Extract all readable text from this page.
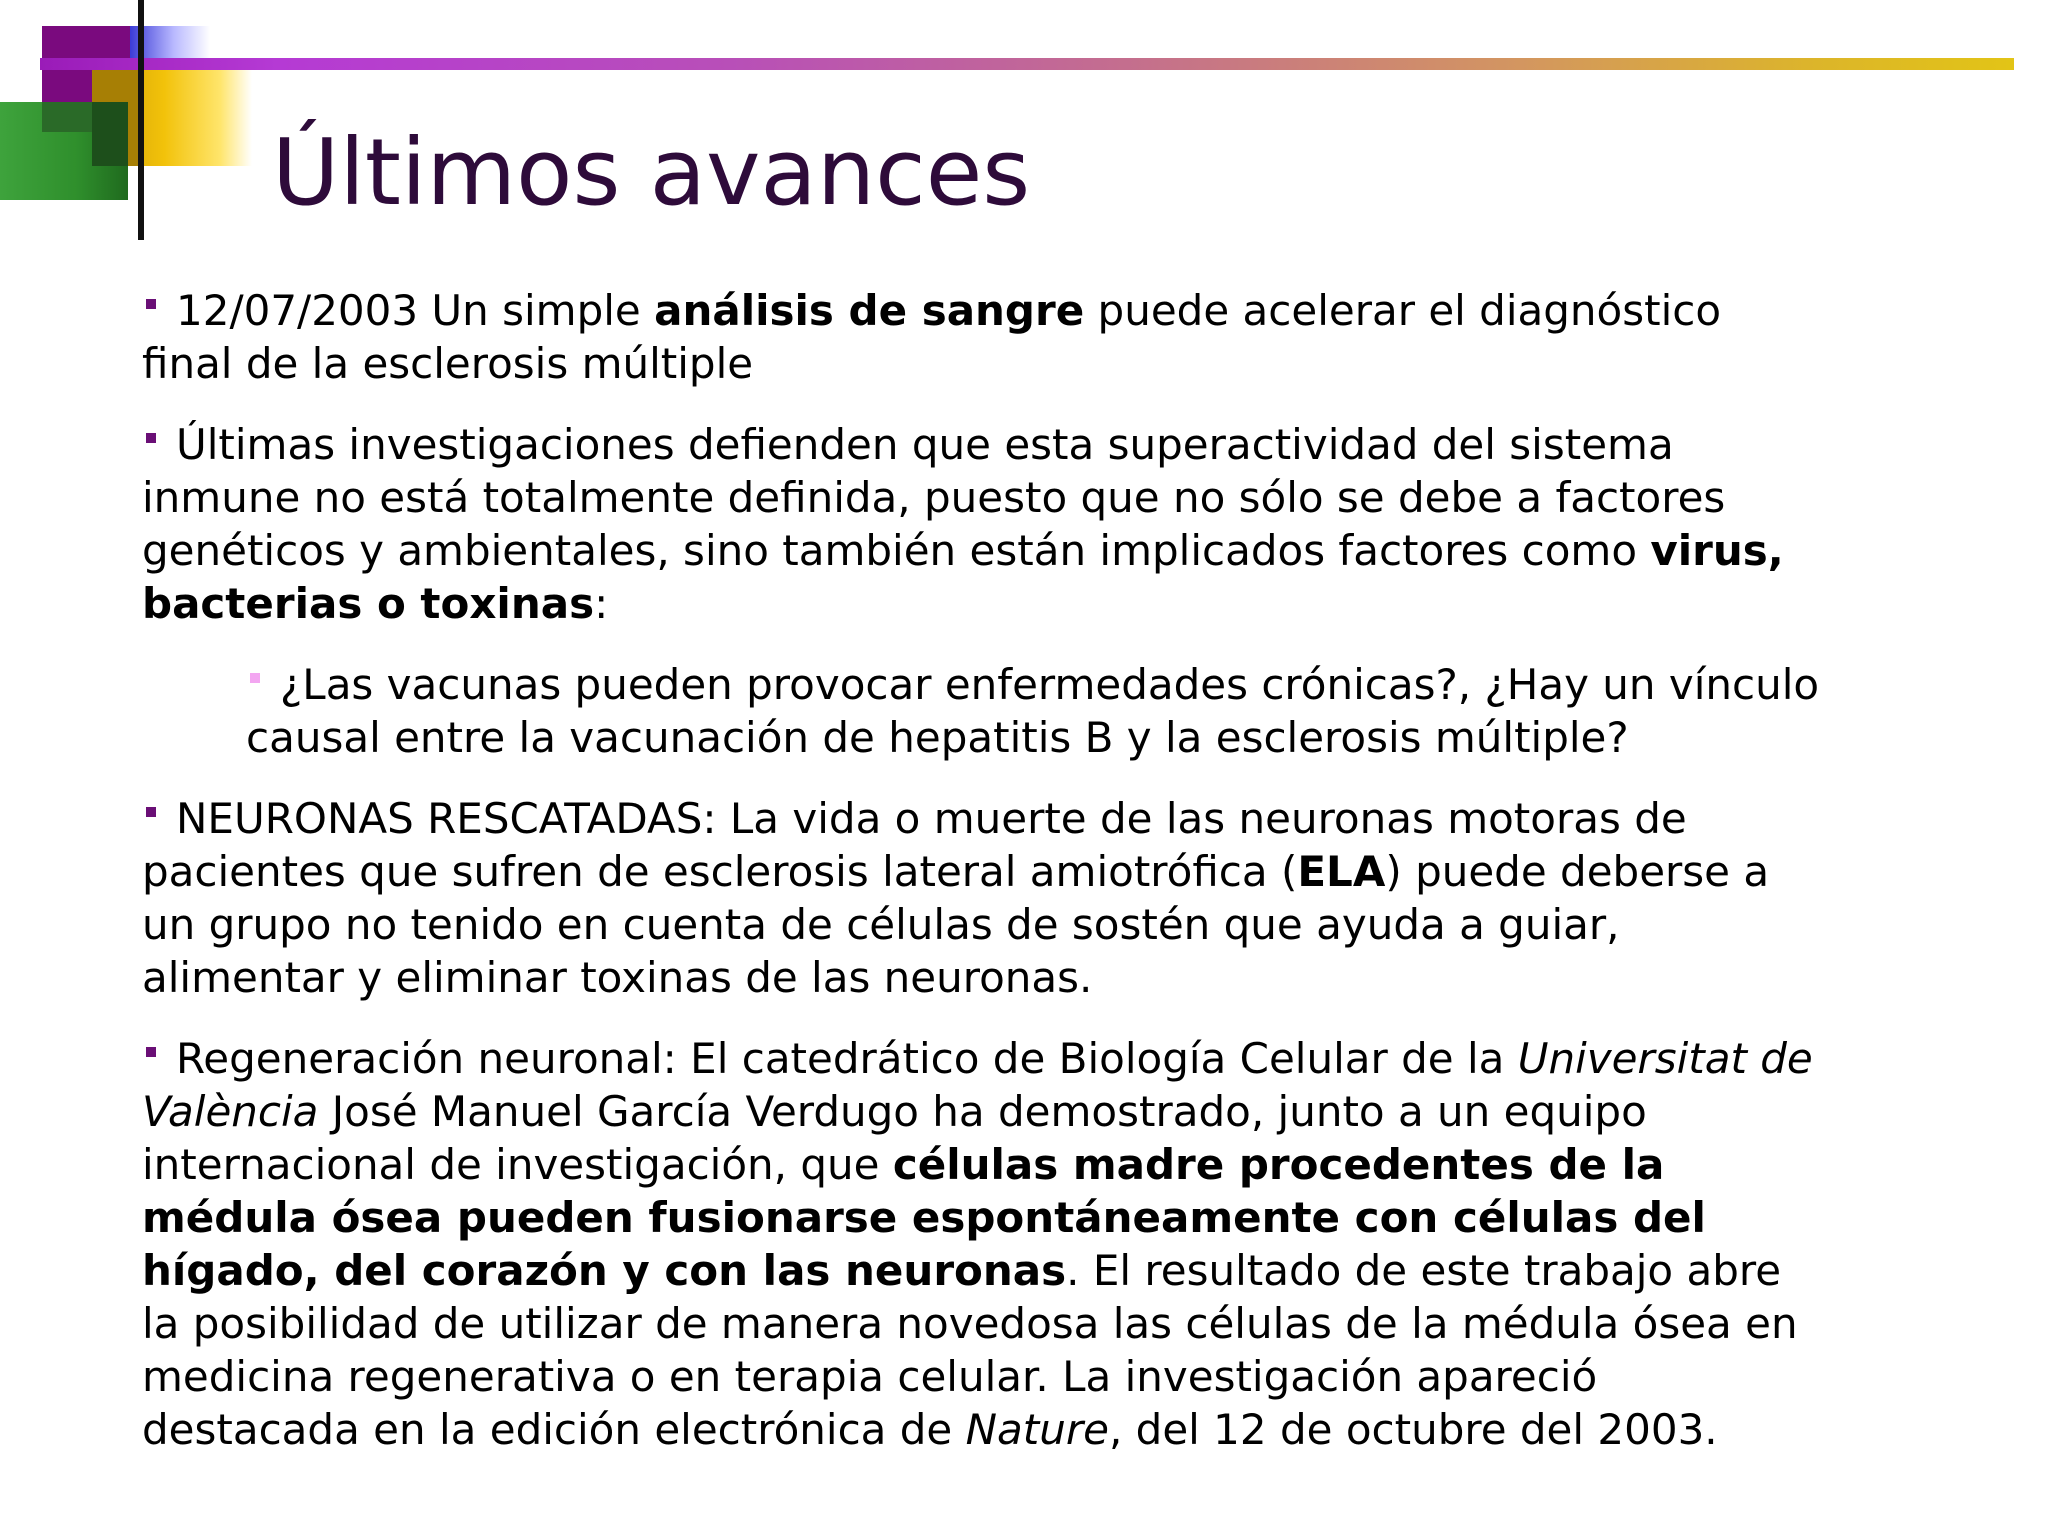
Últimos avances
12/07/2003 Un simple análisis de sangre puede acelerar el diagnóstico
final de la esclerosis múltiple
Últimas investigaciones defienden que esta superactividad del sistema
inmune no está totalmente definida, puesto que no sólo se debe a factores
genéticos y ambientales, sino también están implicados factores como virus,
bacterias o toxinas:
¿Las vacunas pueden provocar enfermedades crónicas?, ¿Hay un vínculo
causal entre la vacunación de hepatitis B y la esclerosis múltiple?
NEURONAS RESCATADAS: La vida o muerte de las neuronas motoras de
pacientes que sufren de esclerosis lateral amiotrófica (ELA) puede deberse a
un grupo no tenido en cuenta de células de sostén que ayuda a guiar,
alimentar y eliminar toxinas de las neuronas.
Regeneración neuronal: El catedrático de Biología Celular de la Universitat de
València José Manuel García Verdugo ha demostrado, junto a un equipo
internacional de investigación, que células madre procedentes de la
médula ósea pueden fusionarse espontáneamente con células del
hígado, del corazón y con las neuronas. El resultado de este trabajo abre
la posibilidad de utilizar de manera novedosa las células de la médula ósea en
medicina regenerativa o en terapia celular. La investigación apareció
destacada en la edición electrónica de Nature, del 12 de octubre del 2003.
